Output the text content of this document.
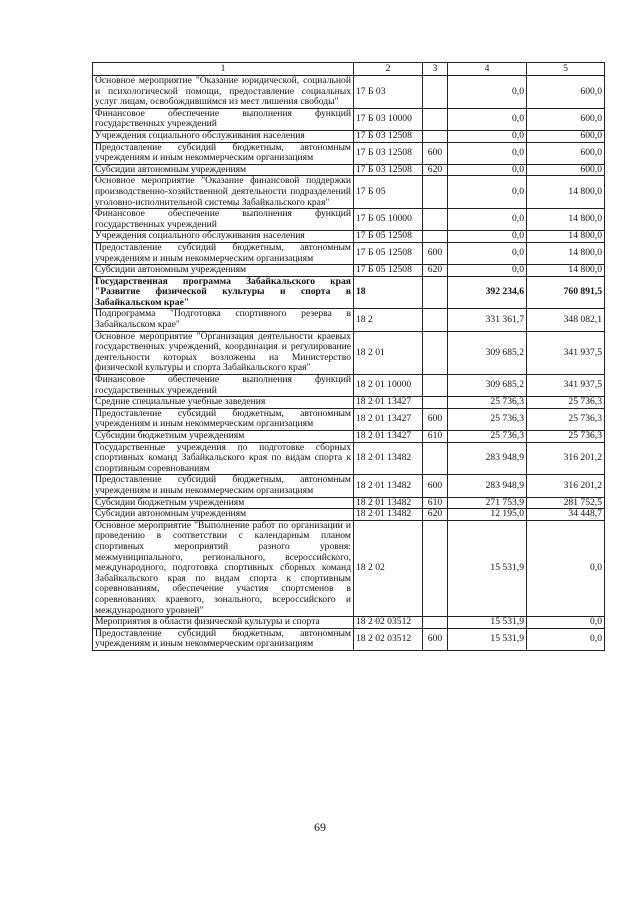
1	2	3	4	5
Основное мероприятие "Оказание юридической, социальной и психологической помощи, предоставление социальных услуг лицам, освобождившимся из мест лишения свободы"	17 Б 03		0,0	600,0
Финансовое обеспечение выполнения функций государственных учреждений	17 Б 03 10000		0,0	600,0
Учреждения социального обслуживания населения	17 Б 03 12508		0,0	600,0
Предоставление субсидий бюджетным, автономным учреждениям и иным некоммерческим организациям	17 Б 03 12508	600	0,0	600,0
Субсидии автономным учреждениям	17 Б 03 12508	620	0,0	600,0
Основное мероприятие "Оказание финансовой поддержки производственно-хозяйственной деятельности подразделений уголовно-исполнительной системы Забайкальского края"	17 Б 05		0,0	14 800,0
Финансовое обеспечение выполнения функций государственных учреждений	17 Б 05 10000		0,0	14 800,0
Учреждения социального обслуживания населения	17 Б 05 12508		0,0	14 800,0
Предоставление субсидий бюджетным, автономным учреждениям и иным некоммерческим организациям	17 Б 05 12508	600	0,0	14 800,0
Субсидии автономным учреждениям	17 Б 05 12508	620	0,0	14 800,0
Государственная программа Забайкальского края "Развитие физической культуры и спорта в Забайкальском крае"	18		392 234,6	760 891,5
Подпрограмма "Подготовка спортивного резерва в Забайкальском крае"	18 2		331 361,7	348 082,1
Основное мероприятие "Организация деятельности краевых государственных учреждений, координация и регулирование деятельности которых возложены на Министерство физической культуры и спорта Забайкальского края"	18 2 01		309 685,2	341 937,5
Финансовое обеспечение выполнения функций государственных учреждений	18 2 01 10000		309 685,2	341 937,5
Средние специальные учебные заведения	18 2 01 13427		25 736,3	25 736,3
Предоставление субсидий бюджетным, автономным учреждениям и иным некоммерческим организациям	18 2 01 13427	600	25 736,3	25 736,3
Субсидии бюджетным учреждениям	18 2 01 13427	610	25 736,3	25 736,3
Государственные учреждения по подготовке сборных спортивных команд Забайкальского края по видам спорта к спортивным соревнованиям	18 2 01 13482		283 948,9	316 201,2
Предоставление субсидий бюджетным, автономным учреждениям и иным некоммерческим организациям	18 2 01 13482	600	283 948,9	316 201,2
Субсидии бюджетным учреждениям	18 2 01 13482	610	271 753,9	281 752,5
Субсидии автономным учреждениям	18 2 01 13482	620	12 195,0	34 448,7
Основное мероприятие "Выполнение работ по организации и проведению в соответствии с календарным планом спортивных мероприятий разного уровня: межмуниципального, регионального, всероссийского, международного, подготовка спортивных сборных команд Забайкальского края по видам спорта к спортивным соревнованиям, обеспечение участия спортсменов в соревнованиях краевого, зонального, всероссийского и международного уровней"	18 2 02		15 531,9	0,0
Мероприятия в области физической культуры и спорта	18 2 02 03512		15 531,9	0,0
Предоставление субсидий бюджетным, автономным учреждениям и иным некоммерческим организациям	18 2 02 03512	600	15 531,9	0,0
69
